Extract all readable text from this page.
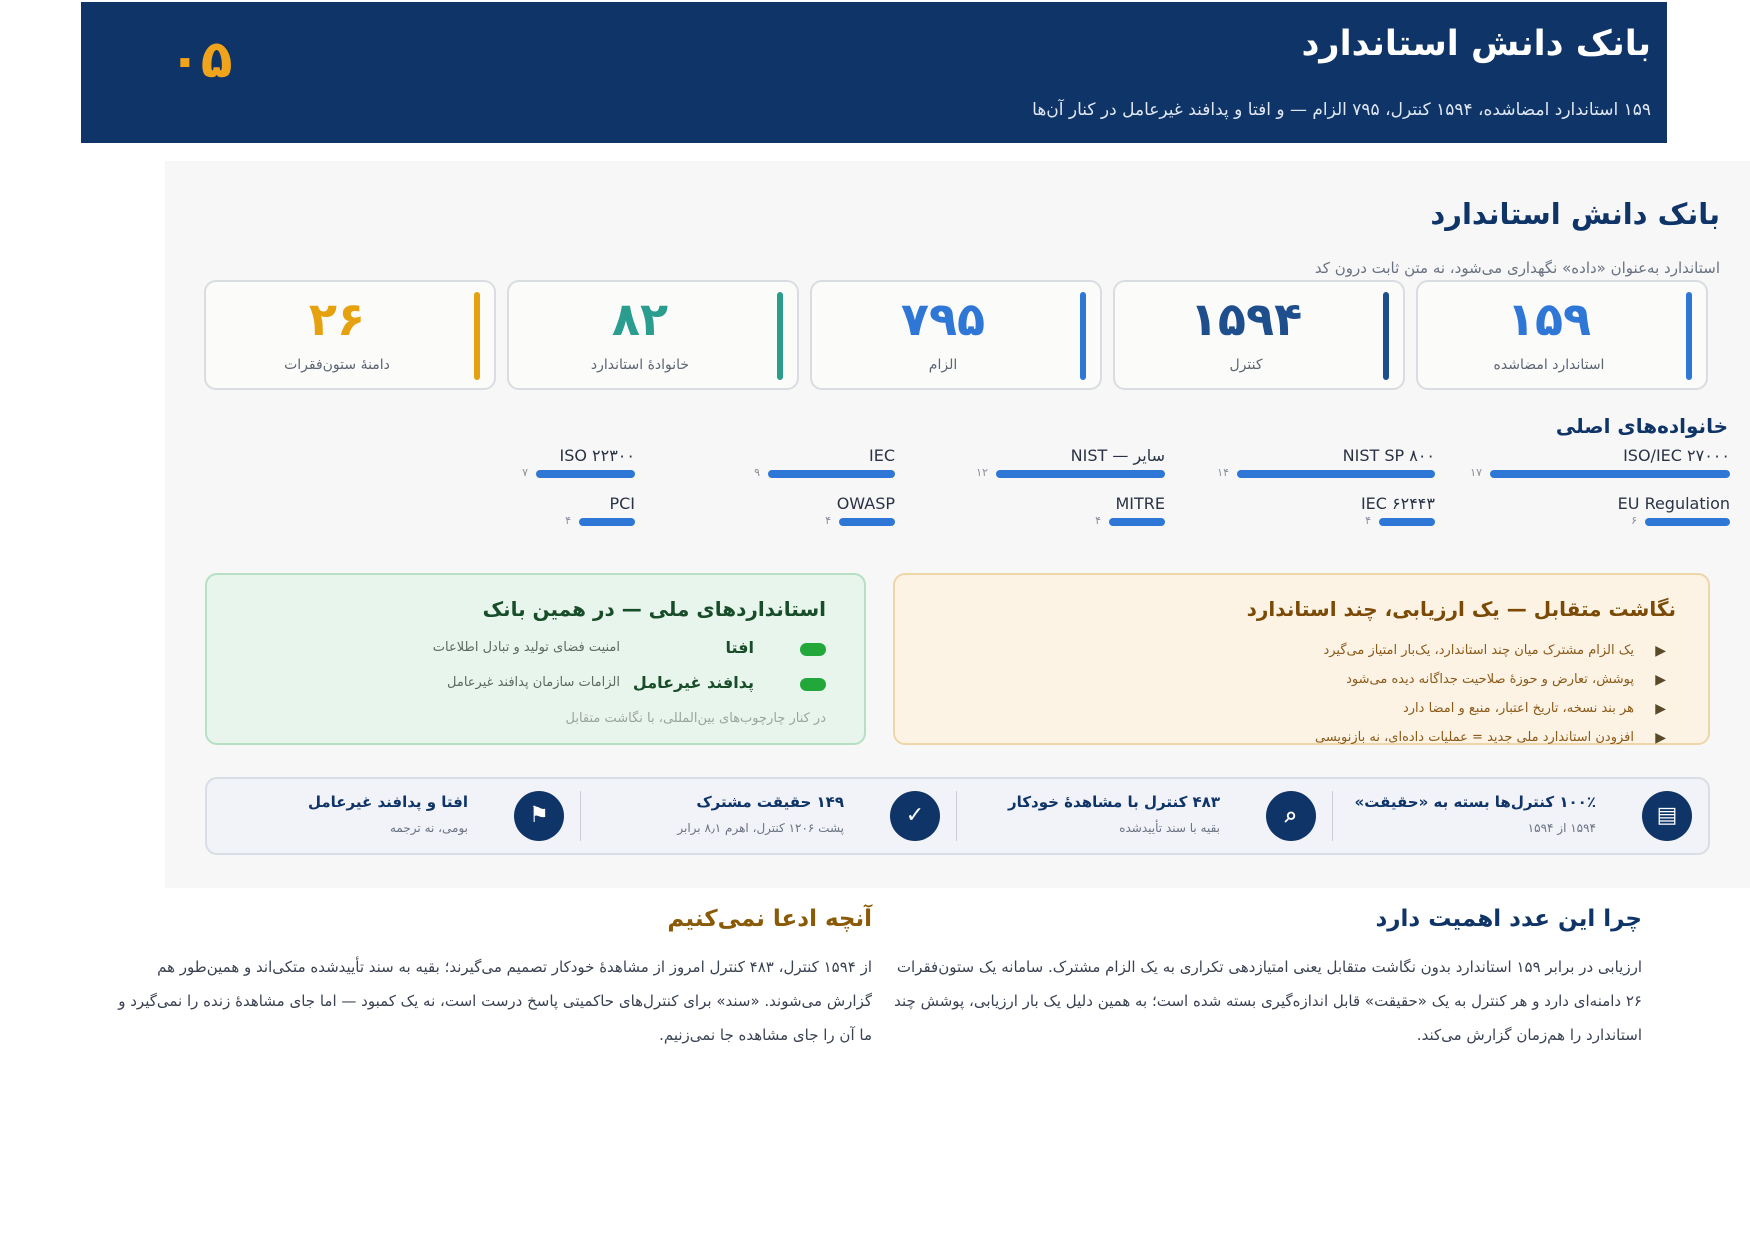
بانک دانش استاندارد
۱۵۹ استاندارد امضاشده، ۱۵۹۴ کنترل، ۷۹۵ الزام — و افتا و پدافند غیرعامل در کنار آن‌ها
۰۵
بانک دانش استاندارد
استاندارد به‌عنوان «داده» نگهداری می‌شود، نه متن ثابت درون کد
۱۵۹
استاندارد امضاشده
۱۵۹۴
کنترل
۷۹۵
الزام
۸۲
خانوادهٔ استاندارد
۲۶
دامنهٔ ستون‌فقرات
خانواده‌های اصلی
ISO/IEC ۲۷۰۰۰
۱۷
NIST SP ۸۰۰
۱۴
NIST — سایر
۱۲
IEC
۹
ISO ۲۲۳۰۰
۷
EU Regulation
۶
IEC ۶۲۴۴۳
۴
MITRE
۴
OWASP
۴
PCI
۴
نگاشت متقابل — یک ارزیابی، چند استاندارد
▶
یک الزام مشترک میان چند استاندارد، یک‌بار امتیاز می‌گیرد
▶
پوشش، تعارض و حوزهٔ صلاحیت جداگانه دیده می‌شود
▶
هر بند نسخه، تاریخ اعتبار، منبع و امضا دارد
▶
افزودن استاندارد ملی جدید = عملیات داده‌ای، نه بازنویسی
استانداردهای ملی — در همین بانک
افتا
امنیت فضای تولید و تبادل اطلاعات
پدافند غیرعامل
الزامات سازمان پدافند غیرعامل
در کنار چارچوب‌های بین‌المللی، با نگاشت متقابل
▤
۱۰۰٪ کنترل‌ها بسته به «حقیقت»
۱۵۹۴ از ۱۵۹۴
⌕
۴۸۳ کنترل با مشاهدهٔ خودکار
بقیه با سند تأییدشده
✓
۱۴۹ حقیقت مشترک
پشت ۱۲۰۶ کنترل، اهرم ۸٫۱ برابر
⚑
افتا و پدافند غیرعامل
بومی، نه ترجمه
چرا این عدد اهمیت دارد

ارزیابی در برابر ۱۵۹ استاندارد بدون نگاشت متقابل یعنی امتیازدهی تکراری به یک الزام مشترک. سامانه یک ستون‌فقرات ۲۶ دامنه‌ای دارد و هر کنترل به یک «حقیقت» قابل اندازه‌گیری بسته شده است؛ به همین دلیل یک بار ارزیابی، پوشش چند استاندارد را هم‌زمان گزارش می‌کند.

آنچه ادعا نمی‌کنیم

از ۱۵۹۴ کنترل، ۴۸۳ کنترل امروز از مشاهدهٔ خودکار تصمیم می‌گیرند؛ بقیه به سند تأییدشده متکی‌اند و همین‌طور هم گزارش می‌شوند. «سند» برای کنترل‌های حاکمیتی پاسخ درست است، نه یک کمبود — اما جای مشاهدهٔ زنده را نمی‌گیرد و ما آن را جای مشاهده جا نمی‌زنیم.
